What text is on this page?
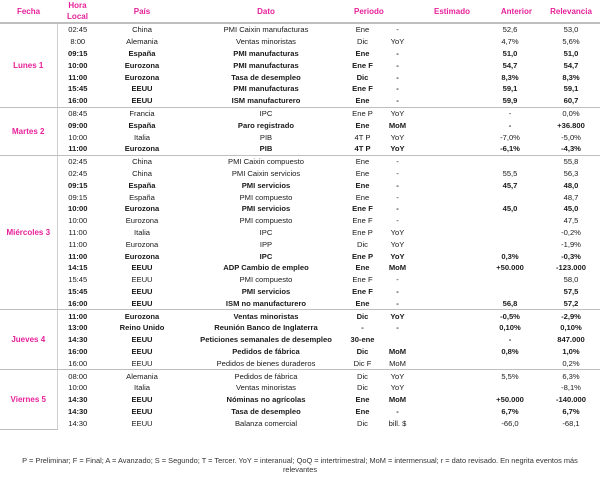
Fecha	Hora Local	País	Dato	Periodo		Estimado	Anterior	Relevancia	
Lunes 1	02:45	China	PMI Caixin manufacturas	Ene	-		52,6	53,0	
	8:00	Alemania	Ventas minoristas	Dic	YoY		4,7%	5,6%	
	09:15	España	PMI manufacturas	Ene	-		51,0	51,0	
	10:00	Eurozona	PMI manufacturas	Ene F	-		54,7	54,7	
	11:00	Eurozona	Tasa de desempleo	Dic	-		8,3%	8,3%	
	15:45	EEUU	PMI manufacturas	Ene F	-		59,1	59,1	
	16:00	EEUU	ISM manufacturero	Ene	-		59,9	60,7	
Martes 2	08:45	Francia	IPC	Ene P	YoY		-	0,0%	
	09:00	España	Paro registrado	Ene	MoM		-	+36.800	
	10:00	Italia	PIB	4T P	YoY		-7,0%	-5,0%	
	11:00	Eurozona	PIB	4T P	YoY		-6,1%	-4,3%	
Miércoles 3	02:45	China	PMI Caixin compuesto	Ene	-			55,8	
	02:45	China	PMI Caixin servicios	Ene	-		55,5	56,3	
	09:15	España	PMI servicios	Ene	-		45,7	48,0	
	09:15	España	PMI compuesto	Ene	-			48,7	
	10:00	Eurozona	PMI servicios	Ene F	-		45,0	45,0	
	10:00	Eurozona	PMI compuesto	Ene F	-			47,5	
	11:00	Italia	IPC	Ene P	YoY			-0,2%	
	11:00	Eurozona	IPP	Dic	YoY			-1,9%	
	11:00	Eurozona	IPC	Ene P	YoY		0,3%	-0,3%	
	14:15	EEUU	ADP Cambio de empleo	Ene	MoM		+50.000	-123.000	
	15:45	EEUU	PMI compuesto	Ene F	-			58,0	
	15:45	EEUU	PMI servicios	Ene F	-			57,5	
	16:00	EEUU	ISM no manufacturero	Ene	-		56,8	57,2	
Jueves 4	11:00	Eurozona	Ventas minoristas	Dic	YoY		-0,5%	-2,9%	
	13:00	Reino Unido	Reunión Banco de Inglaterra	-	-		0,10%	0,10%	
	14:30	EEUU	Peticiones semanales de desempleo	30-ene			-	847.000	
	16:00	EEUU	Pedidos de fábrica	Dic	MoM		0,8%	1,0%	
	16:00	EEUU	Pedidos de bienes duraderos	Dic F	MoM			0,2%	
Viernes 5	08:00	Alemania	Pedidos de fábrica	Dic	YoY		5,5%	6,3%	
	10:00	Italia	Ventas minoristas	Dic	YoY			-8,1%	
	14:30	EEUU	Nóminas no agrícolas	Ene	MoM		+50.000	-140.000	
	14:30	EEUU	Tasa de desempleo	Ene	-		6,7%	6,7%	
	14:30	EEUU	Balanza comercial	Dic	bill. $		-66,0	-68,1	
P = Preliminar; F = Final; A = Avanzado; S = Segundo; T = Tercer. YoY = interanual; QoQ = intertrimestral; MoM = intermensual; r = dato revisado. En negrita eventos más relevantes
